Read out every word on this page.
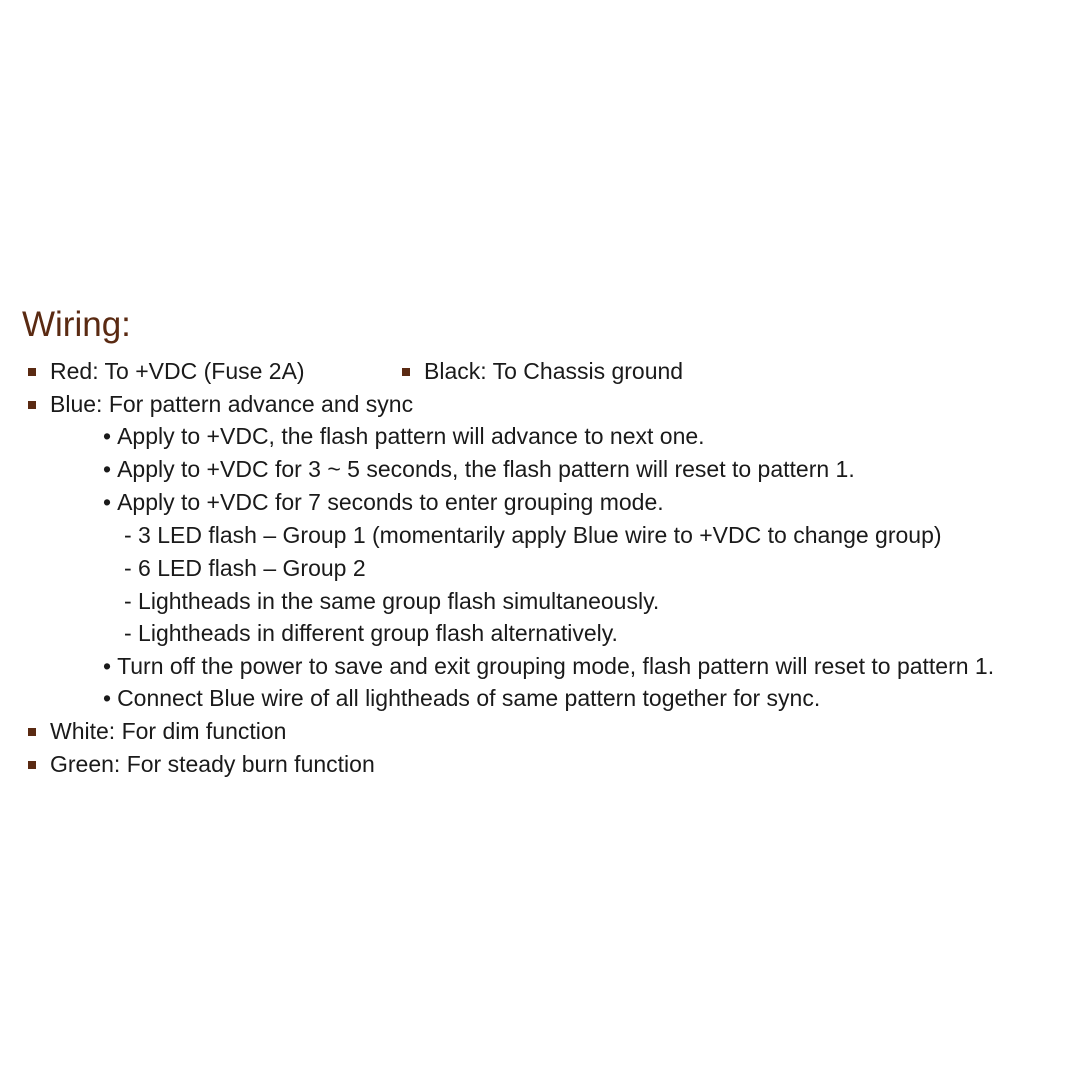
Wiring:
Red: To +VDC (Fuse 2A)	Black: To Chassis ground
Blue: For pattern advance and sync
• Apply to +VDC, the flash pattern will advance to next one.
• Apply to +VDC for 3 ~ 5 seconds, the flash pattern will reset to pattern 1.
• Apply to +VDC for 7 seconds to enter grouping mode.
- 3 LED flash – Group 1 (momentarily apply Blue wire to +VDC to change group)
- 6 LED flash – Group 2
- Lightheads in the same group flash simultaneously.
- Lightheads in different group flash alternatively.
• Turn off the power to save and exit grouping mode, flash pattern will reset to pattern 1.
• Connect Blue wire of all lightheads of same pattern together for sync.
White: For dim function
Green: For steady burn function
